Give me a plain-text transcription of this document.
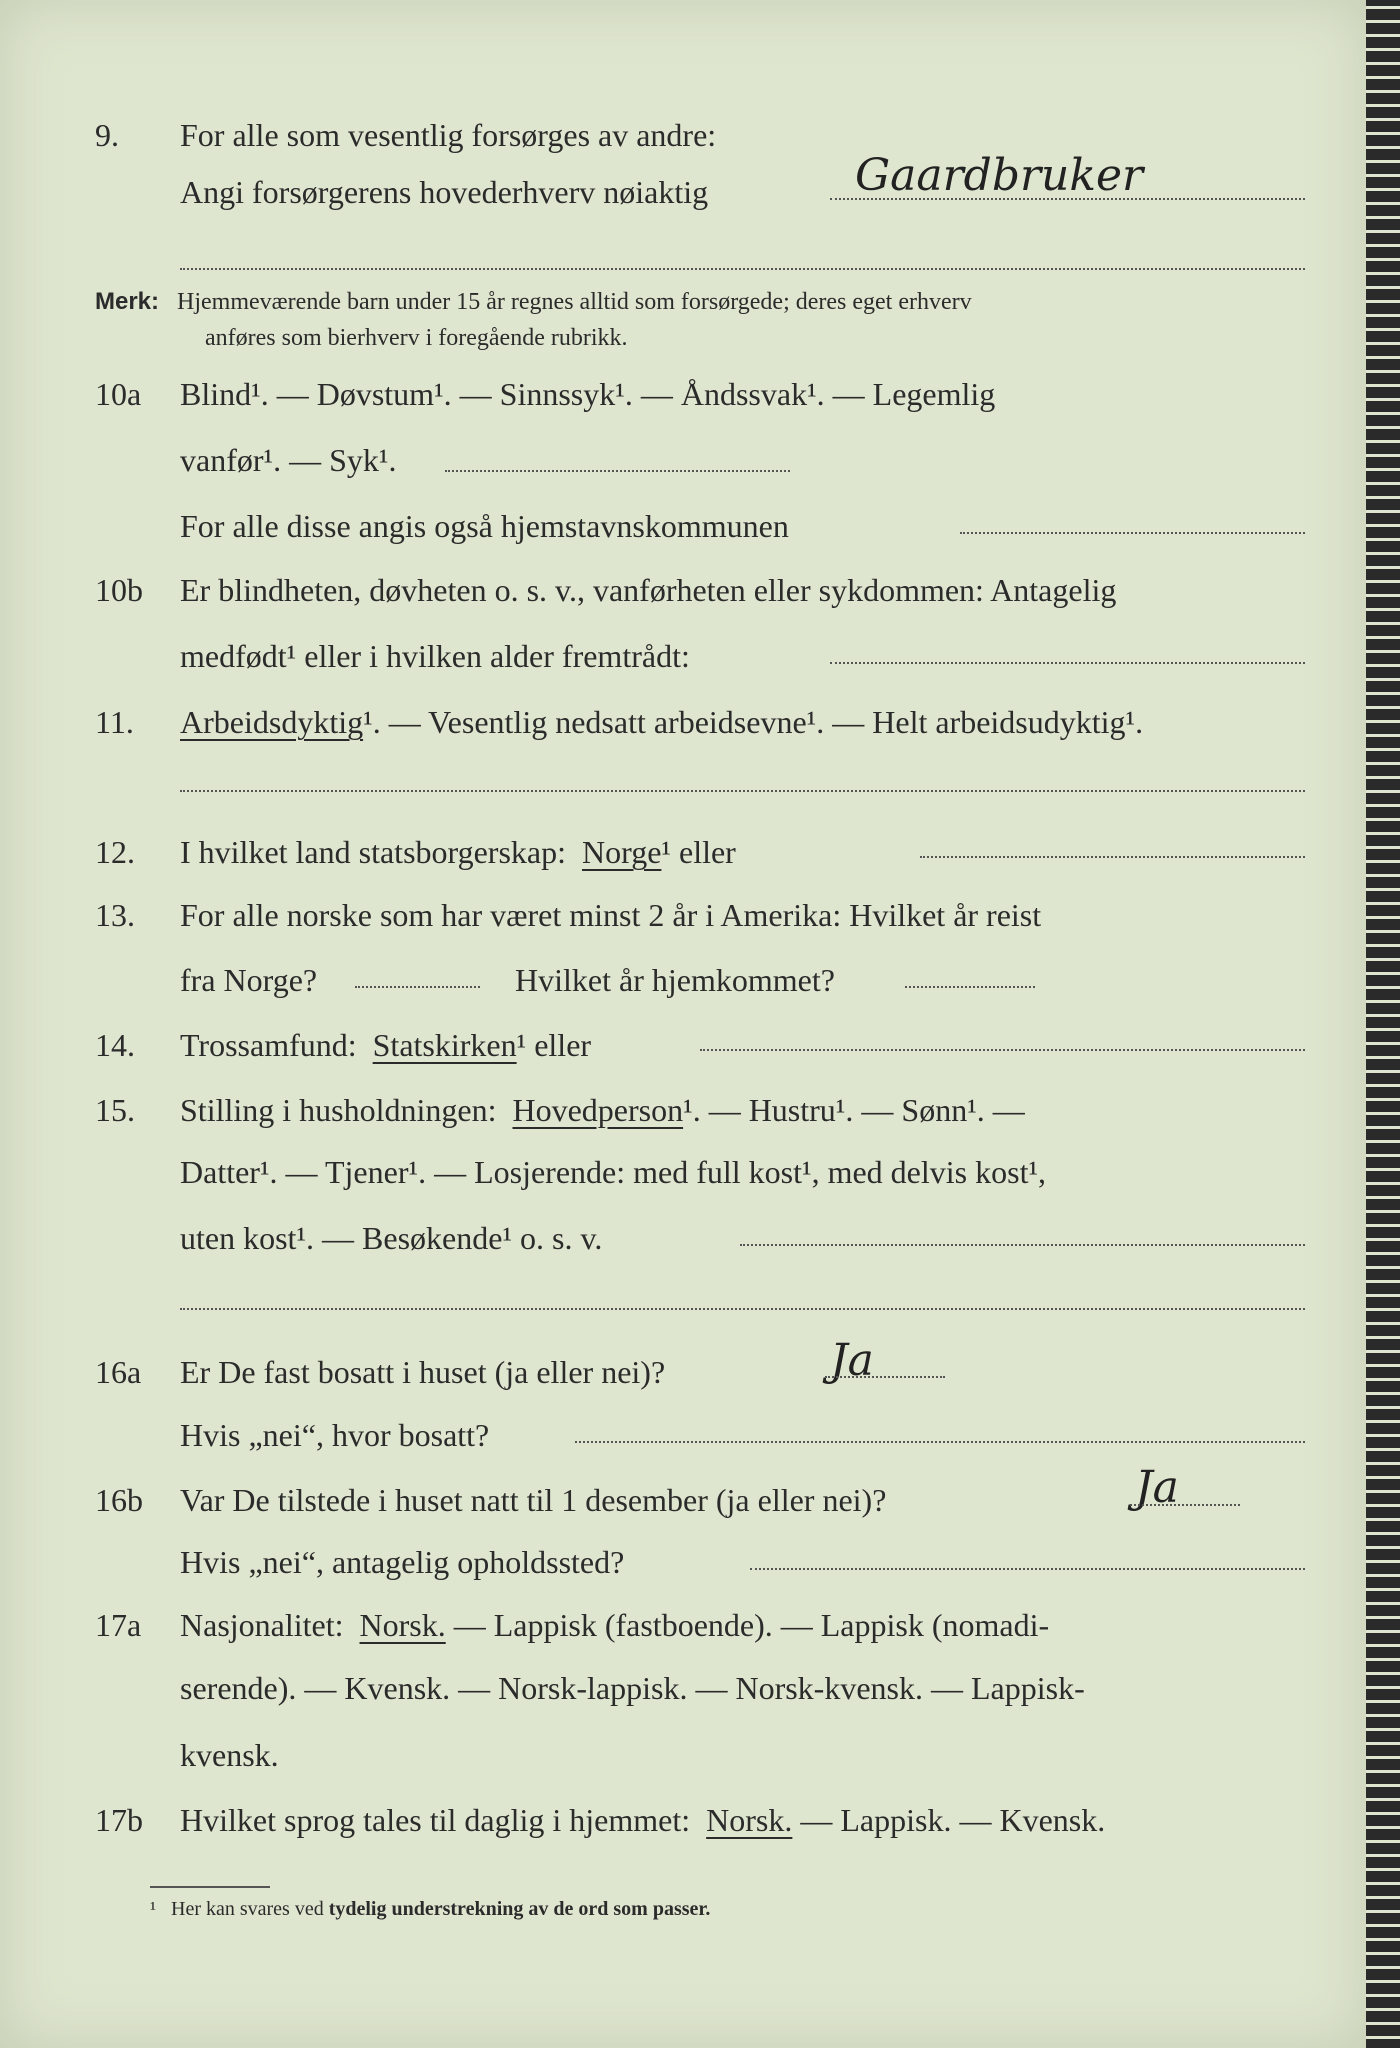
9. For alle som vesentlig forsørges av andre:
Angi forsørgerens hovederhverv nøiaktig	Gaardbruker
Merk: Hjemmeværende barn under 15 år regnes alltid som forsørgede; deres eget erhverv
anføres som bierhverv i foregående rubrikk.
10a Blind¹. — Døvstum¹. — Sinnssyk¹. — Åndssvak¹. — Legemlig
vanfør¹. — Syk¹.
For alle disse angis også hjemstavnskommunen
10b Er blindheten, døvheten o. s. v., vanførheten eller sykdommen: Antagelig
medfødt¹ eller i hvilken alder fremtrådt:
11. Arbeidsdyktig¹. — Vesentlig nedsatt arbeidsevne¹. — Helt arbeidsudyktig¹.
12. I hvilket land statsborgerskap: Norge¹ eller
13. For alle norske som har været minst 2 år i Amerika: Hvilket år reist
fra Norge?	Hvilket år hjemkommet?
14. Trossamfund: Statskirken¹ eller
15. Stilling i husholdningen: Hovedperson¹. — Hustru¹. — Sønn¹. —
Datter¹. — Tjener¹. — Losjerende: med full kost¹, med delvis kost¹,
uten kost¹. — Besøkende¹ o. s. v.
16a Er De fast bosatt i huset (ja eller nei)?	Ja
Hvis „nei“, hvor bosatt?
16b Var De tilstede i huset natt til 1 desember (ja eller nei)?	Ja
Hvis „nei“, antagelig opholdssted?
17a Nasjonalitet: Norsk. — Lappisk (fastboende). — Lappisk (nomadi-
serende). — Kvensk. — Norsk-lappisk. — Norsk-kvensk. — Lappisk-
kvensk.
17b Hvilket sprog tales til daglig i hjemmet: Norsk. — Lappisk. — Kvensk.
¹ Her kan svares ved tydelig understrekning av de ord som passer.
